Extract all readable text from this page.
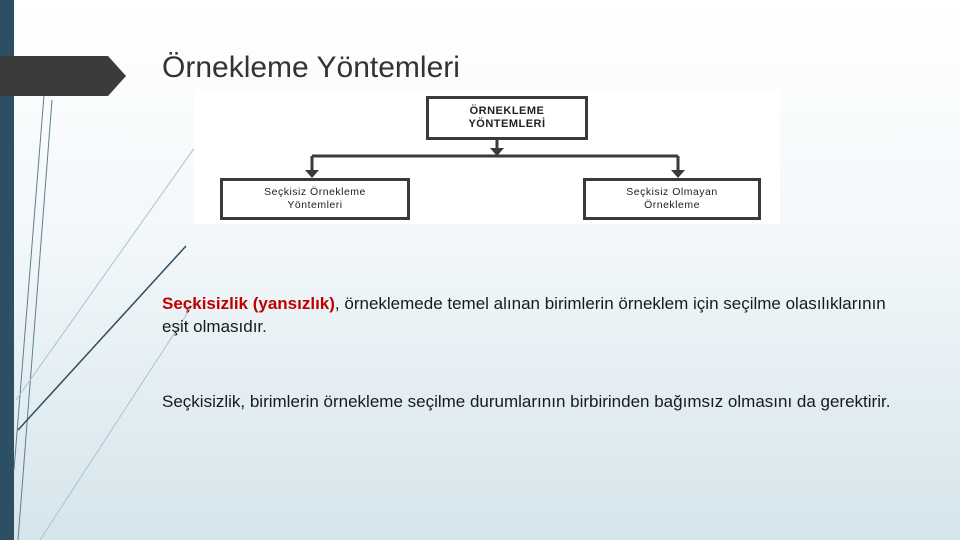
Örnekleme Yöntemleri
ÖRNEKLEME
YÖNTEMLERİ
Seçkisiz Örnekleme
Yöntemleri
Seçkisiz Olmayan
Örnekleme

Seçkisizlik (yansızlık), örneklemede temel alınan birimlerin örneklem için seçilme olasılıklarının eşit olmasıdır.

Seçkisizlik, birimlerin örnekleme seçilme durumlarının birbirinden bağımsız olmasını da gerektirir.
